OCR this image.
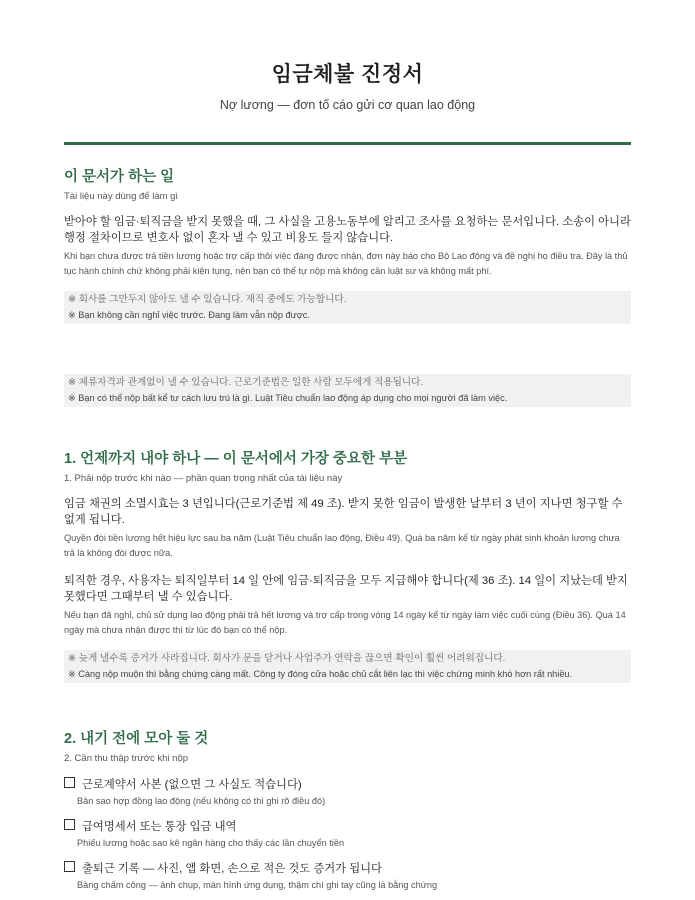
임금체불 진정서

Nợ lương — đơn tố cáo gửi cơ quan lao động

이 문서가 하는 일

Tài liệu này dùng để làm gì

받아야 할 임금·퇴직금을 받지 못했을 때, 그 사실을 고용노동부에 알리고 조사를 요청하는 문서입니다. 소송이 아니라 행정 절차이므로 변호사 없이 혼자 낼 수 있고 비용도 들지 않습니다.

Khi bạn chưa được trả tiền lương hoặc trợ cấp thôi việc đáng được nhận, đơn này báo cho Bộ Lao động và đề nghị họ điều tra. Đây là thủ tục hành chính chứ không phải kiện tụng, nên bạn có thể tự nộp mà không cần luật sư và không mất phí.

※ 회사를 그만두지 않아도 낼 수 있습니다. 재직 중에도 가능합니다.

※ Bạn không cần nghỉ việc trước. Đang làm vẫn nộp được.

※ 체류자격과 관계없이 낼 수 있습니다. 근로기준법은 일한 사람 모두에게 적용됩니다.

※ Bạn có thể nộp bất kể tư cách lưu trú là gì. Luật Tiêu chuẩn lao động áp dụng cho mọi người đã làm việc.

1. 언제까지 내야 하나 — 이 문서에서 가장 중요한 부분

1. Phải nộp trước khi nào — phần quan trọng nhất của tài liệu này

임금 채권의 소멸시효는 3 년입니다(근로기준법 제 49 조). 받지 못한 임금이 발생한 날부터 3 년이 지나면 청구할 수 없게 됩니다.

Quyền đòi tiền lương hết hiệu lực sau ba năm (Luật Tiêu chuẩn lao động, Điều 49). Quá ba năm kể từ ngày phát sinh khoản lương chưa trả là không đòi được nữa.

퇴직한 경우, 사용자는 퇴직일부터 14 일 안에 임금·퇴직금을 모두 지급해야 합니다(제 36 조). 14 일이 지났는데 받지 못했다면 그때부터 낼 수 있습니다.

Nếu bạn đã nghỉ, chủ sử dụng lao động phải trả hết lương và trợ cấp trong vòng 14 ngày kể từ ngày làm việc cuối cùng (Điều 36). Quá 14 ngày mà chưa nhận được thì từ lúc đó bạn có thể nộp.

※ 늦게 낼수록 증거가 사라집니다. 회사가 문을 닫거나 사업주가 연락을 끊으면 확인이 훨씬 어려워집니다.

※ Càng nộp muộn thì bằng chứng càng mất. Công ty đóng cửa hoặc chủ cắt liên lạc thì việc chứng minh khó hơn rất nhiều.

2. 내기 전에 모아 둘 것

2. Cần thu thập trước khi nộp

근로계약서 사본 (없으면 그 사실도 적습니다)

Bản sao hợp đồng lao động (nếu không có thì ghi rõ điều đó)

급여명세서 또는 통장 입금 내역

Phiếu lương hoặc sao kê ngân hàng cho thấy các lần chuyển tiền

출퇴근 기록 — 사진, 앱 화면, 손으로 적은 것도 증거가 됩니다

Bảng chấm công — ảnh chụp, màn hình ứng dụng, thậm chí ghi tay cũng là bằng chứng
